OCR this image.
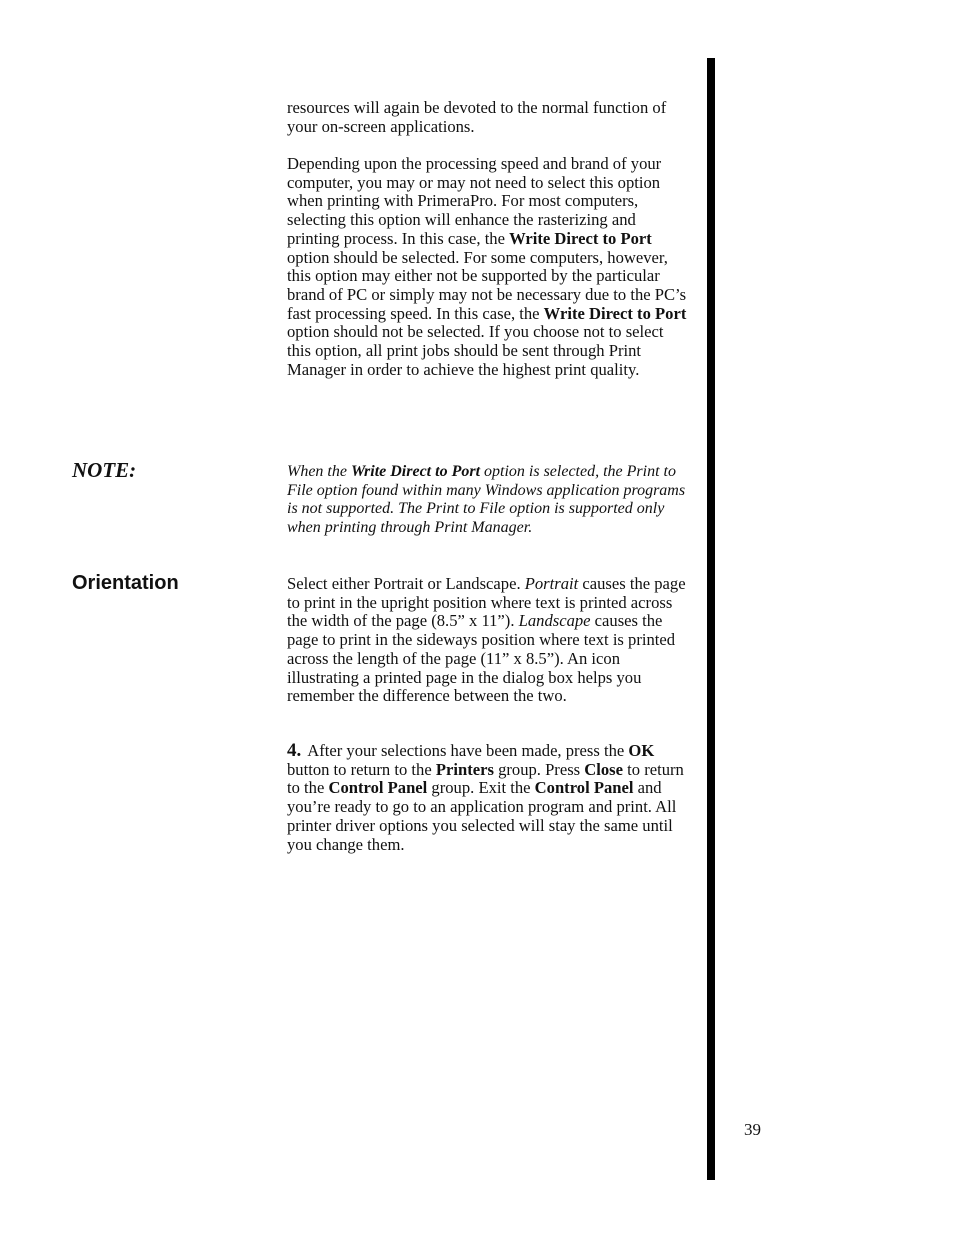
resources will again be devoted to the normal function of your on-screen applications.

Depending upon the processing speed and brand of your computer, you may or may not need to select this option when printing with PrimeraPro. For most computers, selecting this option will enhance the rasterizing and printing process. In this case, the Write Direct to Port option should be selected. For some computers, however, this option may either not be supported by the particular brand of PC or simply may not be necessary due to the PC’s fast processing speed. In this case, the Write Direct to Port option should not be selected. If you choose not to select this option, all print jobs should be sent through Print Manager in order to achieve the highest print quality.

NOTE:	When the Write Direct to Port option is selected, the Print to File option found within many Windows application programs is not supported. The Print to File option is supported only when printing through Print Manager.

Orientation	Select either Portrait or Landscape. Portrait causes the page to print in the upright position where text is printed across the width of the page (8.5” x 11”). Landscape causes the page to print in the sideways position where text is printed across the length of the page (11” x 8.5”). An icon illustrating a printed page in the dialog box helps you remember the difference between the two.

4. After your selections have been made, press the OK button to return to the Printers group. Press Close to return to the Control Panel group. Exit the Control Panel and you’re ready to go to an application program and print. All printer driver options you selected will stay the same until you change them.

39
